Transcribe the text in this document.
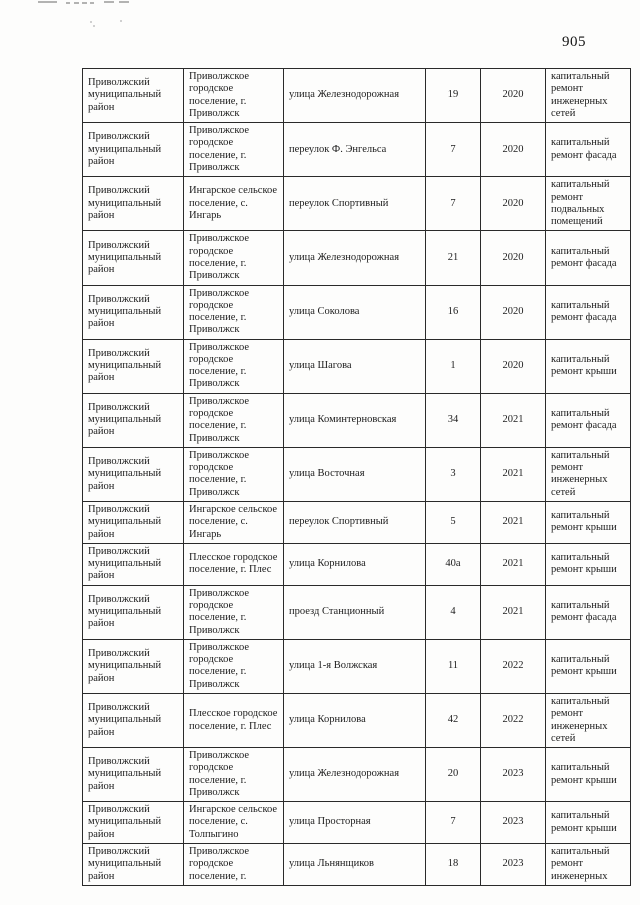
905
Приволжский муниципальный район	Приволжское городское поселение, г. Приволжск	улица Железнодорожная	19	2020	капитальный ремонт инженерных сетей
Приволжский муниципальный район	Приволжское городское поселение, г. Приволжск	переулок Ф. Энгельса	7	2020	капитальный ремонт фасада
Приволжский муниципальный район	Ингарское сельское поселение, с. Ингарь	переулок Спортивный	7	2020	капитальный ремонт подвальных помещений
Приволжский муниципальный район	Приволжское городское поселение, г. Приволжск	улица Железнодорожная	21	2020	капитальный ремонт фасада
Приволжский муниципальный район	Приволжское городское поселение, г. Приволжск	улица Соколова	16	2020	капитальный ремонт фасада
Приволжский муниципальный район	Приволжское городское поселение, г. Приволжск	улица Шагова	1	2020	капитальный ремонт крыши
Приволжский муниципальный район	Приволжское городское поселение, г. Приволжск	улица Коминтерновская	34	2021	капитальный ремонт фасада
Приволжский муниципальный район	Приволжское городское поселение, г. Приволжск	улица Восточная	3	2021	капитальный ремонт инженерных сетей
Приволжский муниципальный район	Ингарское сельское поселение, с. Ингарь	переулок Спортивный	5	2021	капитальный ремонт крыши
Приволжский муниципальный район	Плесское городское поселение, г. Плес	улица Корнилова	40а	2021	капитальный ремонт крыши
Приволжский муниципальный район	Приволжское городское поселение, г. Приволжск	проезд Станционный	4	2021	капитальный ремонт фасада
Приволжский муниципальный район	Приволжское городское поселение, г. Приволжск	улица 1-я Волжская	11	2022	капитальный ремонт крыши
Приволжский муниципальный район	Плесское городское поселение, г. Плес	улица Корнилова	42	2022	капитальный ремонт инженерных сетей
Приволжский муниципальный район	Приволжское городское поселение, г. Приволжск	улица Железнодорожная	20	2023	капитальный ремонт крыши
Приволжский муниципальный район	Ингарское сельское поселение, с. Толпыгино	улица Просторная	7	2023	капитальный ремонт крыши
Приволжский муниципальный район	Приволжское городское поселение, г.	улица Льнянщиков	18	2023	капитальный ремонт инженерных
